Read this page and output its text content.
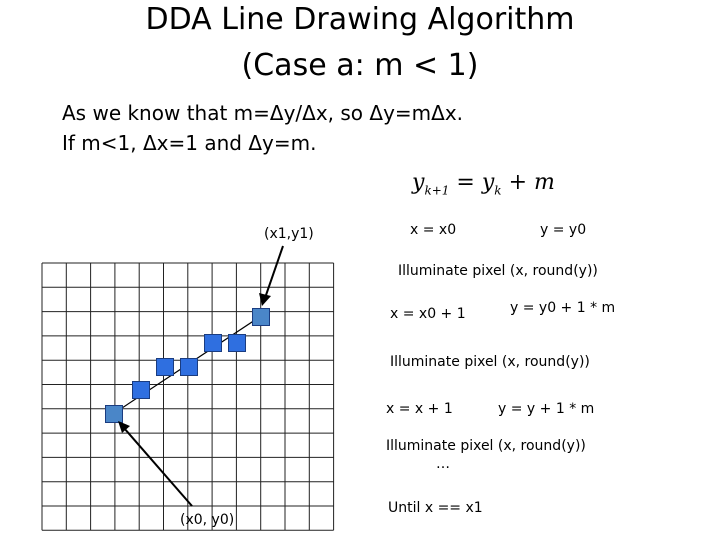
DDA Line Drawing Algorithm
(Case a: m < 1)
As we know that m=Δy/Δx, so Δy=mΔx.
If m<1, Δx=1 and Δy=m.
$y_{k+1} = y_k + m$
(x1,y1)
(x0, y0)
x = x0	y = y0
Illuminate pixel (x, round(y))
x = x0 + 1	y = y0 + 1 * m
Illuminate pixel (x, round(y))
x = x + 1	y = y + 1 * m
Illuminate pixel (x, round(y))
…
Until x == x1
